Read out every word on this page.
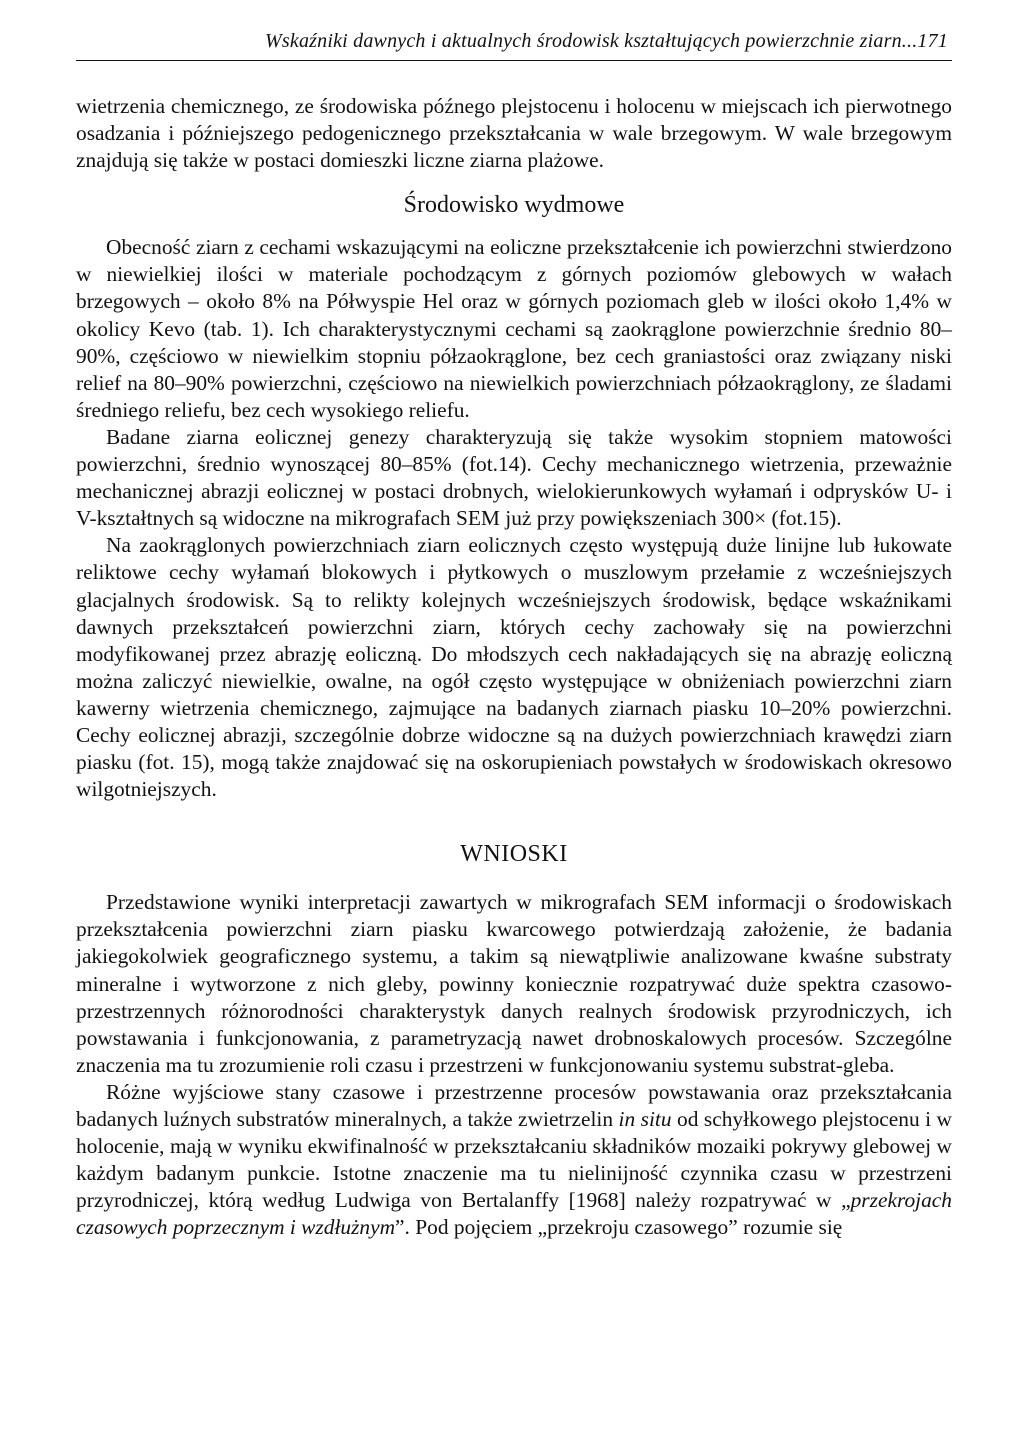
Wskaźniki dawnych i aktualnych środowisk kształtujących powierzchnie ziarn...171

wietrzenia chemicznego, ze środowiska późnego plejstocenu i holocenu w miejscach ich pierwotnego osadzania i późniejszego pedogenicznego przekształcania w wale brzegowym. W wale brzegowym znajdują się także w postaci domieszki liczne ziarna plażowe.

Środowisko wydmowe

Obecność ziarn z cechami wskazującymi na eoliczne przekształcenie ich powierzchni stwierdzono w niewielkiej ilości w materiale pochodzącym z górnych poziomów glebowych w wałach brzegowych – około 8% na Półwyspie Hel oraz w górnych poziomach gleb w ilości około 1,4% w okolicy Kevo (tab. 1). Ich charakterystycznymi cechami są zaokrąglone powierzchnie średnio 80–90%, częściowo w niewielkim stopniu półzaokrąglone, bez cech graniastości oraz związany niski relief na 80–90% powierzchni, częściowo na niewielkich powierzchniach półzaokrąglony, ze śladami średniego reliefu, bez cech wysokiego reliefu.

Badane ziarna eolicznej genezy charakteryzują się także wysokim stopniem matowości powierzchni, średnio wynoszącej 80–85% (fot.14). Cechy mechanicznego wietrzenia, przeważnie mechanicznej abrazji eolicznej w postaci drobnych, wielokierunkowych wyłamań i odprysków U- i V-kształtnych są widoczne na mikrografach SEM już przy powiększeniach 300× (fot.15).

Na zaokrąglonych powierzchniach ziarn eolicznych często występują duże linijne lub łukowate reliktowe cechy wyłamań blokowych i płytkowych o muszlowym przełamie z wcześniejszych glacjalnych środowisk. Są to relikty kolejnych wcześniejszych środowisk, będące wskaźnikami dawnych przekształceń powierzchni ziarn, których cechy zachowały się na powierzchni modyfikowanej przez abrazję eoliczną. Do młodszych cech nakładających się na abrazję eoliczną można zaliczyć niewielkie, owalne, na ogół często występujące w obniżeniach powierzchni ziarn kawerny wietrzenia chemicznego, zajmujące na badanych ziarnach piasku 10–20% powierzchni. Cechy eolicznej abrazji, szczególnie dobrze widoczne są na dużych powierzchniach krawędzi ziarn piasku (fot. 15), mogą także znajdować się na oskorupieniach powstałych w środowiskach okresowo wilgotniejszych.

WNIOSKI

Przedstawione wyniki interpretacji zawartych w mikrografach SEM informacji o środowiskach przekształcenia powierzchni ziarn piasku kwarcowego potwierdzają założenie, że badania jakiegokolwiek geograficznego systemu, a takim są niewątpliwie analizowane kwaśne substraty mineralne i wytworzone z nich gleby, powinny koniecznie rozpatrywać duże spektra czasowo-przestrzennych różnorodności charakterystyk danych realnych środowisk przyrodniczych, ich powstawania i funkcjonowania, z parametryzacją nawet drobnoskalowych procesów. Szczególne znaczenia ma tu zrozumienie roli czasu i przestrzeni w funkcjonowaniu systemu substrat-gleba.

Różne wyjściowe stany czasowe i przestrzenne procesów powstawania oraz przekształcania badanych luźnych substratów mineralnych, a także zwietrzelin in situ od schyłkowego plejstocenu i w holocenie, mają w wyniku ekwifinalność w przekształcaniu składników mozaiki pokrywy glebowej w każdym badanym punkcie. Istotne znaczenie ma tu nielinijność czynnika czasu w przestrzeni przyrodniczej, którą według Ludwiga von Bertalanffy [1968] należy rozpatrywać w „przekrojach czasowych poprzecznym i wzdłużnym”. Pod pojęciem „przekroju czasowego” rozumie się
